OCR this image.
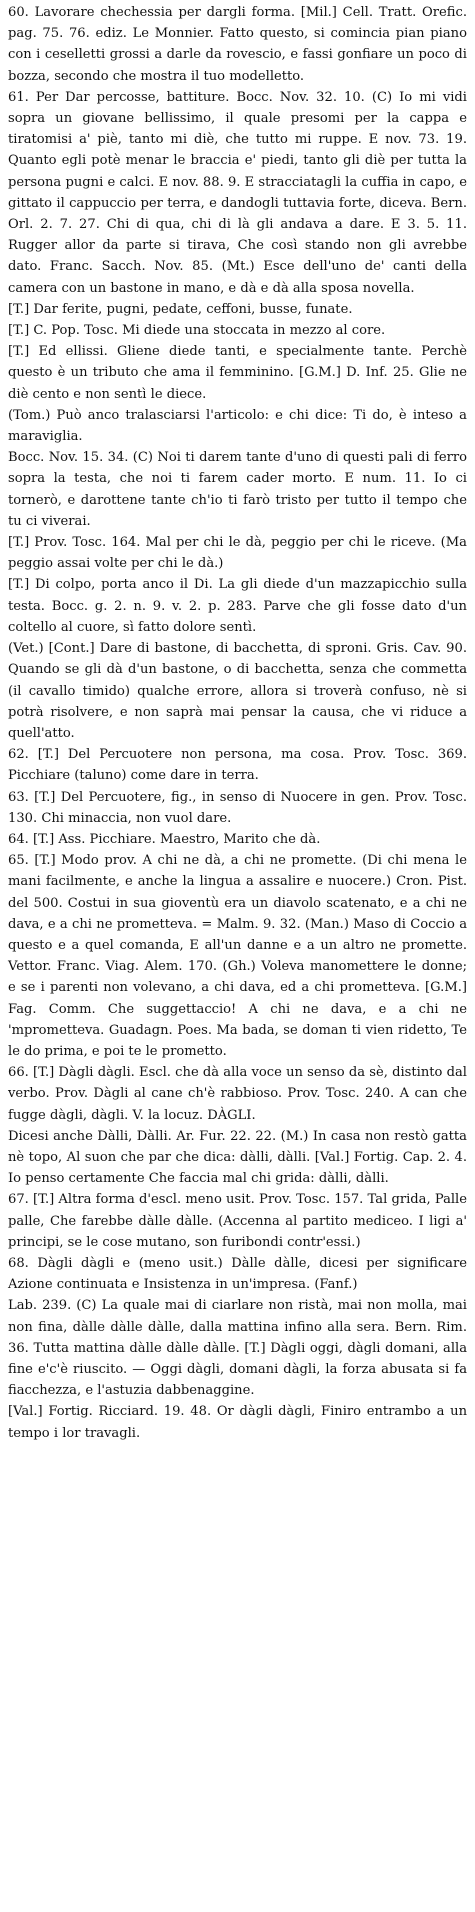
60. Lavorare chechessia per dargli forma. [Mil.] Cell. Tratt. Orefic. pag. 75. 76. ediz. Le Monnier. Fatto questo, si comincia pian piano con i ceselletti grossi a darle da rovescio, e fassi gonfiare un poco di bozza, secondo che mostra il tuo modelletto.

61. Per Dar percosse, battiture. Bocc. Nov. 32. 10. (C) Io mi vidi sopra un giovane bellissimo, il quale presomi per la cappa e tiratomisi a' piè, tanto mi diè, che tutto mi ruppe. E nov. 73. 19. Quanto egli potè menar le braccia e' piedi, tanto gli diè per tutta la persona pugni e calci. E nov. 88. 9. E stracciatagli la cuffia in capo, e gittato il cappuccio per terra, e dandogli tuttavia forte, diceva. Bern. Orl. 2. 7. 27. Chi di qua, chi di là gli andava a dare. E 3. 5. 11. Rugger allor da parte si tirava, Che così stando non gli avrebbe dato. Franc. Sacch. Nov. 85. (Mt.) Esce dell'uno de' canti della camera con un bastone in mano, e dà e dà alla sposa novella.

[T.] Dar ferite, pugni, pedate, ceffoni, busse, funate.

[T.] C. Pop. Tosc. Mi diede una stoccata in mezzo al core.

[T.] Ed ellissi. Gliene diede tanti, e specialmente tante. Perchè questo è un tributo che ama il femminino. [G.M.] D. Inf. 25. Glie ne diè cento e non sentì le diece.

(Tom.) Può anco tralasciarsi l'articolo: e chi dice: Ti do, è inteso a maraviglia.

Bocc. Nov. 15. 34. (C) Noi ti darem tante d'uno di questi pali di ferro sopra la testa, che noi ti farem cader morto. E num. 11. Io ci tornerò, e darottene tante ch'io ti farò tristo per tutto il tempo che tu ci viverai.

[T.] Prov. Tosc. 164. Mal per chi le dà, peggio per chi le riceve. (Ma peggio assai volte per chi le dà.)

[T.] Di colpo, porta anco il Di. La gli diede d'un mazzapicchio sulla testa. Bocc. g. 2. n. 9. v. 2. p. 283. Parve che gli fosse dato d'un coltello al cuore, sì fatto dolore sentì.

(Vet.) [Cont.] Dare di bastone, di bacchetta, di sproni. Gris. Cav. 90. Quando se gli dà d'un bastone, o di bacchetta, senza che commetta (il cavallo timido) qualche errore, allora si troverà confuso, nè si potrà risolvere, e non saprà mai pensar la causa, che vi riduce a quell'atto.

62. [T.] Del Percuotere non persona, ma cosa. Prov. Tosc. 369. Picchiare (taluno) come dare in terra.

63. [T.] Del Percuotere, fig., in senso di Nuocere in gen. Prov. Tosc. 130. Chi minaccia, non vuol dare.

64. [T.] Ass. Picchiare. Maestro, Marito che dà.

65. [T.] Modo prov. A chi ne dà, a chi ne promette. (Di chi mena le mani facilmente, e anche la lingua a assalire e nuocere.) Cron. Pist. del 500. Costui in sua gioventù era un diavolo scatenato, e a chi ne dava, e a chi ne prometteva. = Malm. 9. 32. (Man.) Maso di Coccio a questo e a quel comanda, E all'un danne e a un altro ne promette. Vettor. Franc. Viag. Alem. 170. (Gh.) Voleva manomettere le donne; e se i parenti non volevano, a chi dava, ed a chi prometteva. [G.M.] Fag. Comm. Che suggettaccio! A chi ne dava, e a chi ne 'mprometteva. Guadagn. Poes. Ma bada, se doman ti vien ridetto, Te le do prima, e poi te le prometto.

66. [T.] Dàgli dàgli. Escl. che dà alla voce un senso da sè, distinto dal verbo. Prov. Dàgli al cane ch'è rabbioso. Prov. Tosc. 240. A can che fugge dàgli, dàgli. V. la locuz. DÀGLI.

Dicesi anche Dàlli, Dàlli. Ar. Fur. 22. 22. (M.) In casa non restò gatta nè topo, Al suon che par che dica: dàlli, dàlli. [Val.] Fortig. Cap. 2. 4. Io penso certamente Che faccia mal chi grida: dàlli, dàlli.

67. [T.] Altra forma d'escl. meno usit. Prov. Tosc. 157. Tal grida, Palle palle, Che farebbe dàlle dàlle. (Accenna al partito mediceo. I ligi a' principi, se le cose mutano, son furibondi contr'essi.)

68. Dàgli dàgli e (meno usit.) Dàlle dàlle, dicesi per significare Azione continuata e Insistenza in un'impresa. (Fanf.)

Lab. 239. (C) La quale mai di ciarlare non ristà, mai non molla, mai non fina, dàlle dàlle dàlle, dalla mattina infino alla sera. Bern. Rim. 36. Tutta mattina dàlle dàlle dàlle. [T.] Dàgli oggi, dàgli domani, alla fine e'c'è riuscito. — Oggi dàgli, domani dàgli, la forza abusata si fa fiacchezza, e l'astuzia dabbenaggine.

[Val.] Fortig. Ricciard. 19. 48. Or dàgli dàgli, Finiro entrambo a un tempo i lor travagli.
